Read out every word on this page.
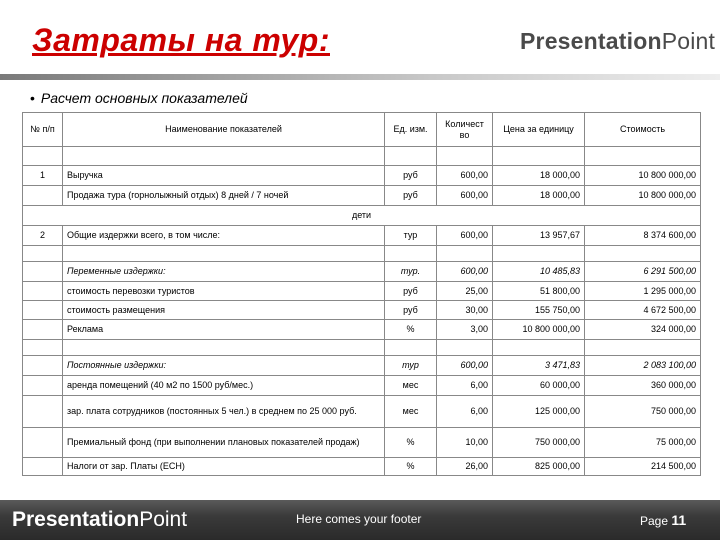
Затраты на тур:	PresentationPoint
• Расчет основных показателей
№ п/п	Наименование показателей	Ед. изм.	Количест во	Цена за единицу	Стоимость

1	Выручка	руб	600,00	18 000,00	10 800 000,00
	Продажа тура (горнолыжный отдых) 8 дней / 7 ночей	руб	600,00	18 000,00	10 800 000,00
дети					
2	Общие издержки всего, в том числе:	тур	600,00	13 957,67	8 374 600,00

	Переменные издержки:	тур.	600,00	10 485,83	6 291 500,00
	стоимость перевозки туристов	руб	25,00	51 800,00	1 295 000,00
	стоимость размещения	руб	30,00	155 750,00	4 672 500,00
	Реклама	%	3,00	10 800 000,00	324 000,00

	Постоянные издержки:	тур	600,00	3 471,83	2 083 100,00
	аренда помещений (40 м2 по 1500 руб/мес.)	мес	6,00	60 000,00	360 000,00
	зар. плата сотрудников (постоянных 5 чел.) в среднем по 25 000 руб.	мес	6,00	125 000,00	750 000,00
	Премиальный фонд (при выполнении плановых показателей продаж)	%	10,00	750 000,00	75 000,00
	Налоги от зар. Платы (ЕСН)	%	26,00	825 000,00	214 500,00
PresentationPoint	Here comes your footer	Page 11
